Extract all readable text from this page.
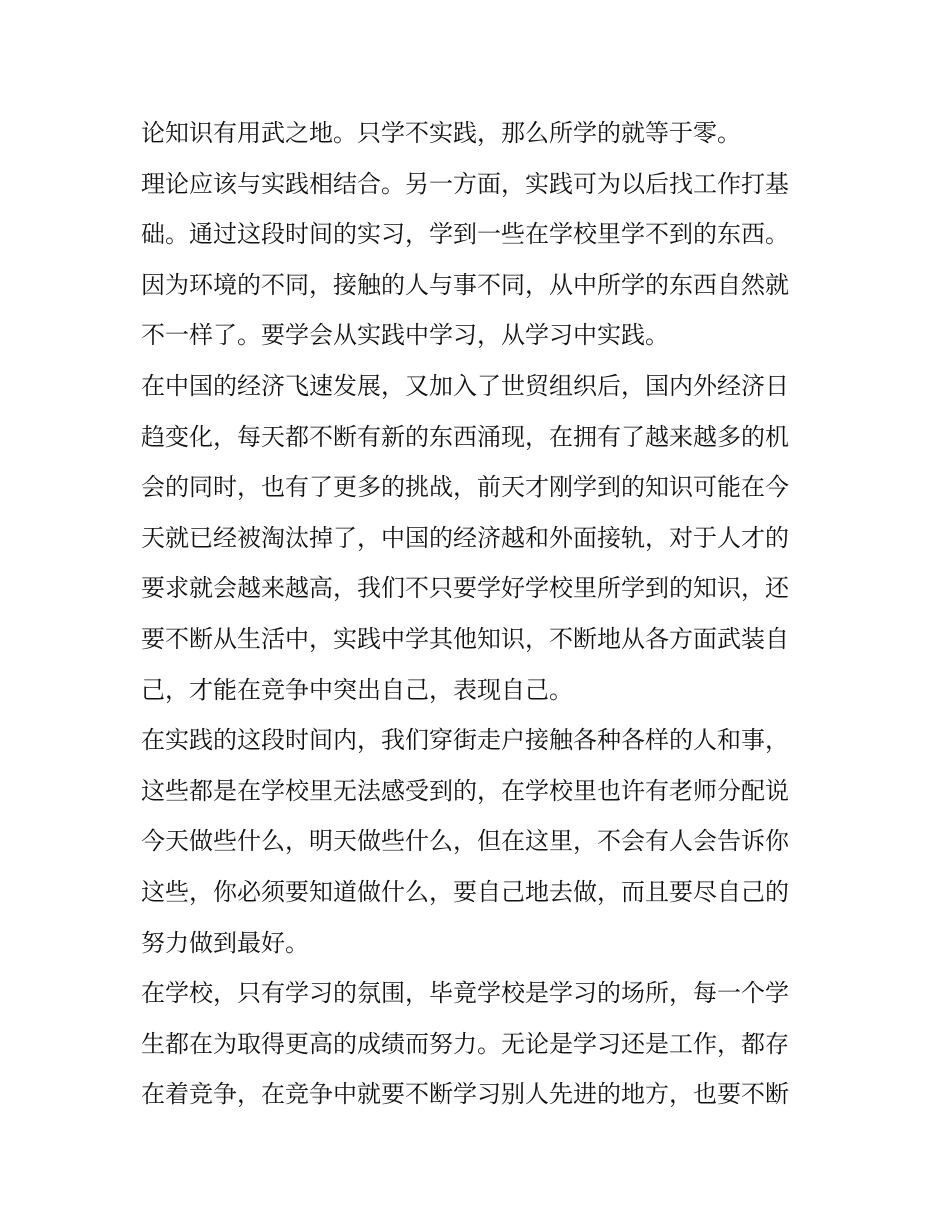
论知识有用武之地。只学不实践，那么所学的就等于零。
理论应该与实践相结合。另一方面，实践可为以后找工作打基
础。通过这段时间的实习，学到一些在学校里学不到的东西。
因为环境的不同，接触的人与事不同，从中所学的东西自然就
不一样了。要学会从实践中学习，从学习中实践。
在中国的经济飞速发展，又加入了世贸组织后，国内外经济日
趋变化，每天都不断有新的东西涌现，在拥有了越来越多的机
会的同时，也有了更多的挑战，前天才刚学到的知识可能在今
天就已经被淘汰掉了，中国的经济越和外面接轨，对于人才的
要求就会越来越高，我们不只要学好学校里所学到的知识，还
要不断从生活中，实践中学其他知识，不断地从各方面武装自
己，才能在竞争中突出自己，表现自己。
在实践的这段时间内，我们穿街走户接触各种各样的人和事，
这些都是在学校里无法感受到的，在学校里也许有老师分配说
今天做些什么，明天做些什么，但在这里，不会有人会告诉你
这些，你必须要知道做什么，要自己地去做，而且要尽自己的
努力做到最好。
在学校，只有学习的氛围，毕竟学校是学习的场所，每一个学
生都在为取得更高的成绩而努力。无论是学习还是工作，都存
在着竞争，在竞争中就要不断学习别人先进的地方，也要不断
